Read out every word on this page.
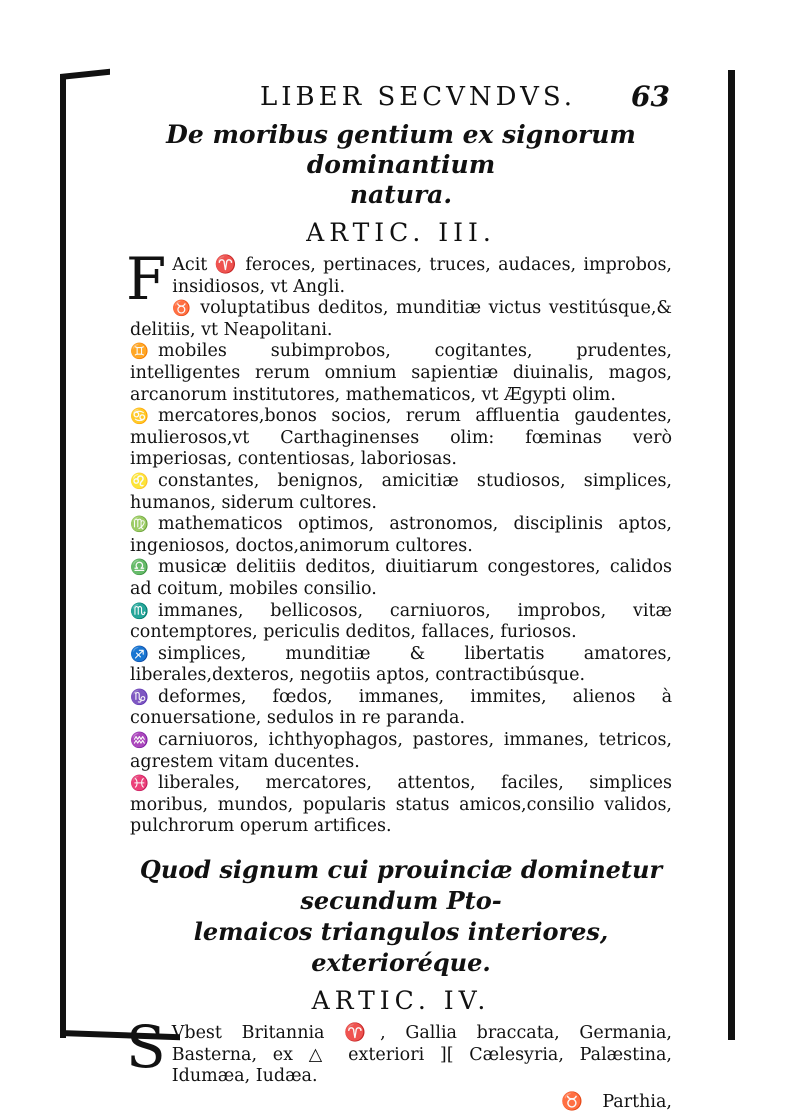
LIBER SECVNDVS. 63
De moribus gentium ex signorum dominantium
natura.
ARTIC. III.
F Acit ♈ feroces, pertinaces, truces, audaces, improbos, insidiosos, vt Angli.
♉ voluptatibus deditos, munditiæ victus vestitúsque,& delitiis, vt Neapolitani.
♊ mobiles subimprobos, cogitantes, prudentes, intelligentes rerum omnium sapientiæ diuinalis, magos, arcanorum institutores, mathematicos, vt Ægypti olim.
♋ mercatores,bonos socios, rerum affluentia gaudentes, mulierosos,vt Carthaginenses olim: fœminas verò imperiosas, contentiosas, laboriosas.
♌ constantes, benignos, amicitiæ studiosos, simplices, humanos, siderum cultores.
♍ mathematicos optimos, astronomos, disciplinis aptos, ingeniosos, doctos,animorum cultores.
♎ musicæ delitiis deditos, diuitiarum congestores, calidos ad coitum, mobiles consilio.
♏ immanes, bellicosos, carniuoros, improbos, vitæ contemptores, periculis deditos, fallaces, furiosos.
♐ simplices, munditiæ & libertatis amatores, liberales,dexteros, negotiis aptos, contractibúsque.
♑ deformes, fœdos, immanes, immites, alienos à conuersatione, sedulos in re paranda.
♒ carniuoros, ichthyophagos, pastores, immanes, tetricos, agrestem vitam ducentes.
♓ liberales, mercatores, attentos, faciles, simplices moribus, mundos, popularis status amicos,consilio validos, pulchrorum operum artifices.
Quod signum cui prouinciæ dominetur secundum Pto-
lemaicos triangulos interiores, exterioréque.
ARTIC. IV.
S Vbest Britannia ♈, Gallia braccata, Germania, Basterna, ex △ exteriori ][ Cælesyria, Palæstina, Idumæa, Iudæa.
♉ Parthia,
